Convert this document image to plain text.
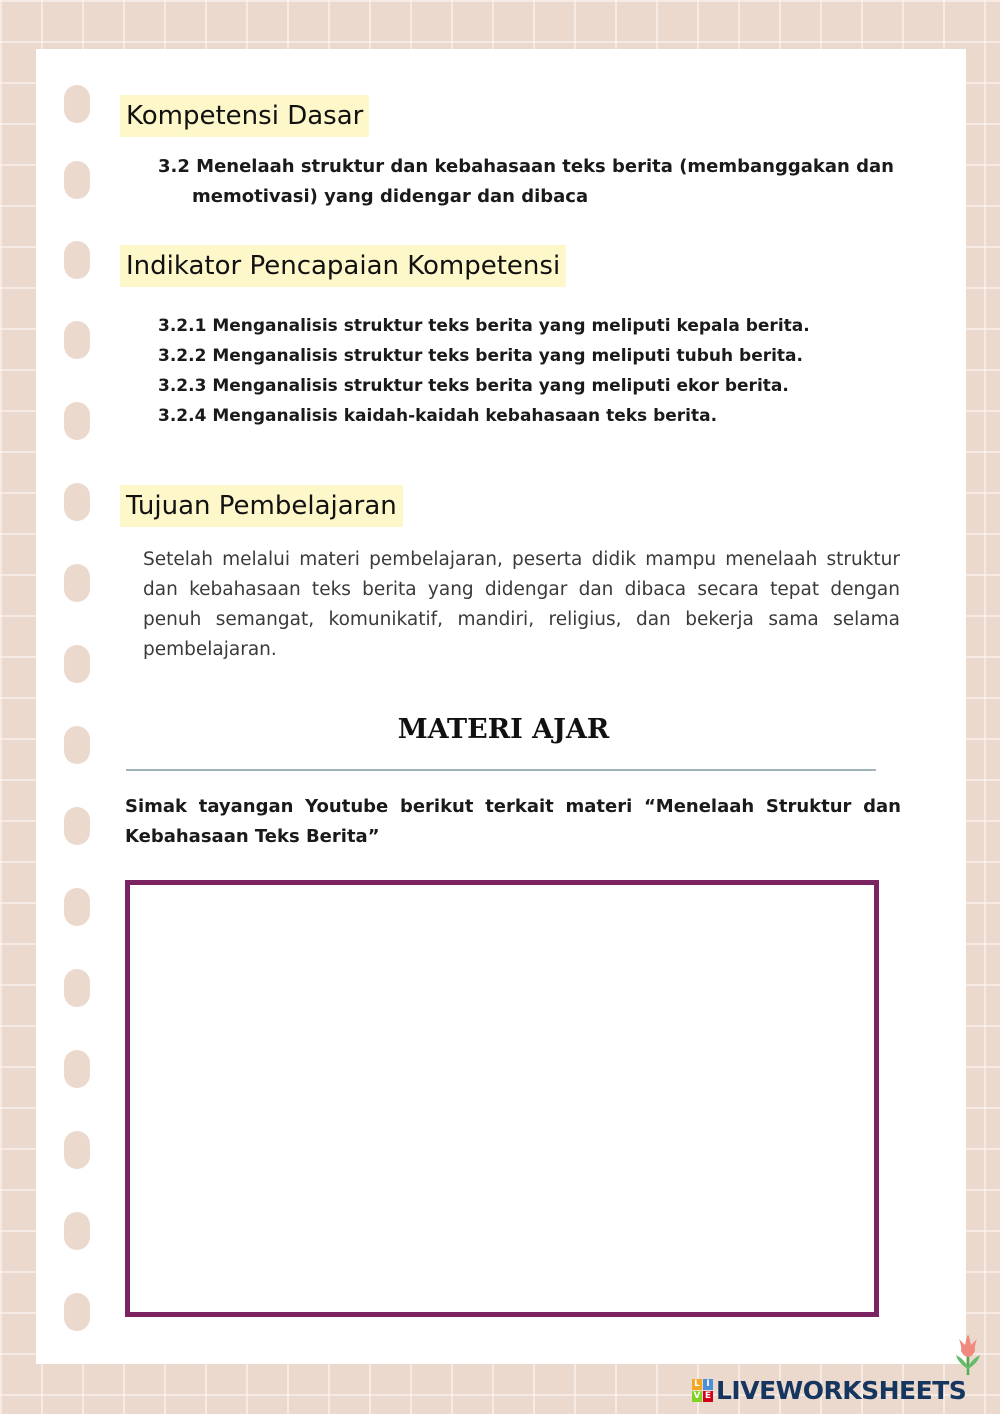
Kompetensi Dasar

3.2 Menelaah struktur dan kebahasaan teks berita (membanggakan dan memotivasi) yang didengar dan dibaca

Indikator Pencapaian Kompetensi
3.2.1 Menganalisis struktur teks berita yang meliputi kepala berita.
3.2.2 Menganalisis struktur teks berita yang meliputi tubuh berita.
3.2.3 Menganalisis struktur teks berita yang meliputi ekor berita.
3.2.4 Menganalisis kaidah-kaidah kebahasaan teks berita.
Tujuan Pembelajaran

Setelah melalui materi pembelajaran, peserta didik mampu menelaah struktur dan kebahasaan teks berita yang didengar dan dibaca secara tepat dengan penuh semangat, komunikatif, mandiri, religius, dan bekerja sama selama pembelajaran.

MATERI AJAR

Simak tayangan Youtube berikut terkait materi “Menelaah Struktur dan Kebahasaan Teks Berita”

L I
V E LIVEWORKSHEETS
